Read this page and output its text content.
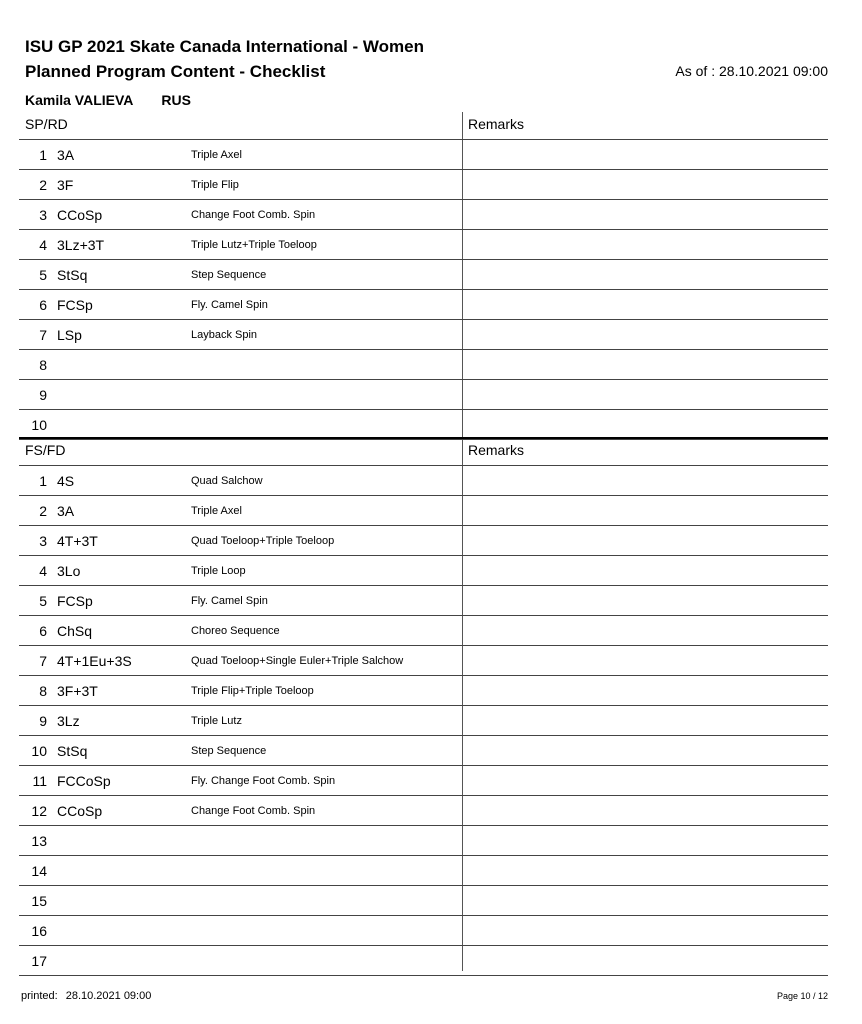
ISU GP 2021 Skate Canada International - Women
Planned Program Content - Checklist	As of : 28.10.2021 09:00
Kamila VALIEVA RUS
SP/RD	Remarks
1 3A	Triple Axel
2 3F	Triple Flip
3 CCoSp	Change Foot Comb. Spin
4 3Lz+3T	Triple Lutz+Triple Toeloop
5 StSq	Step Sequence
6 FCSp	Fly. Camel Spin
7 LSp	Layback Spin
8
9
10
FS/FD	Remarks
1 4S	Quad Salchow
2 3A	Triple Axel
3 4T+3T	Quad Toeloop+Triple Toeloop
4 3Lo	Triple Loop
5 FCSp	Fly. Camel Spin
6 ChSq	Choreo Sequence
7 4T+1Eu+3S	Quad Toeloop+Single Euler+Triple Salchow
8 3F+3T	Triple Flip+Triple Toeloop
9 3Lz	Triple Lutz
10 StSq	Step Sequence
11 FCCoSp	Fly. Change Foot Comb. Spin
12 CCoSp	Change Foot Comb. Spin
13
14
15
16
17
printed: 28.10.2021 09:00	Page 10 / 12
